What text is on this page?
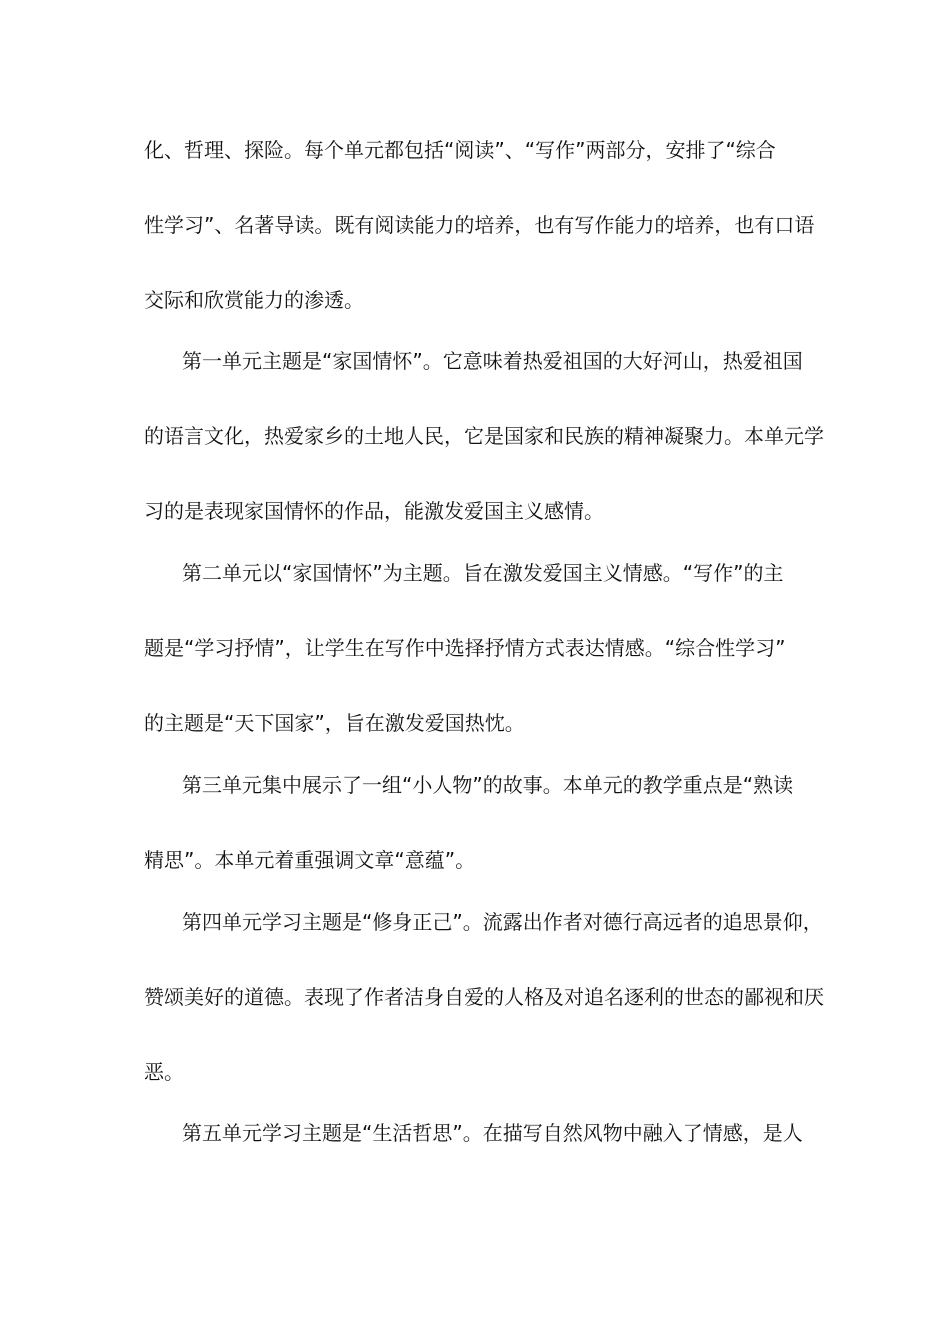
化、哲理、探险。每个单元都包括“阅读”、“写作”两部分，安排了“综合
性学习”、名著导读。既有阅读能力的培养，也有写作能力的培养，也有口语
交际和欣赏能力的渗透。
第一单元主题是“家国情怀”。它意味着热爱祖国的大好河山，热爱祖国
的语言文化，热爱家乡的土地人民，它是国家和民族的精神凝聚力。本单元学
习的是表现家国情怀的作品，能激发爱国主义感情。
第二单元以“家国情怀”为主题。旨在激发爱国主义情感。“写作”的主
题是“学习抒情”，让学生在写作中选择抒情方式表达情感。“综合性学习”
的主题是“天下国家”，旨在激发爱国热忱。
第三单元集中展示了一组“小人物”的故事。本单元的教学重点是“熟读
精思”。本单元着重强调文章“意蕴”。
第四单元学习主题是“修身正己”。流露出作者对德行高远者的追思景仰，
赞颂美好的道德。表现了作者洁身自爱的人格及对追名逐利的世态的鄙视和厌
恶。
第五单元学习主题是“生活哲思”。在描写自然风物中融入了情感，是人
